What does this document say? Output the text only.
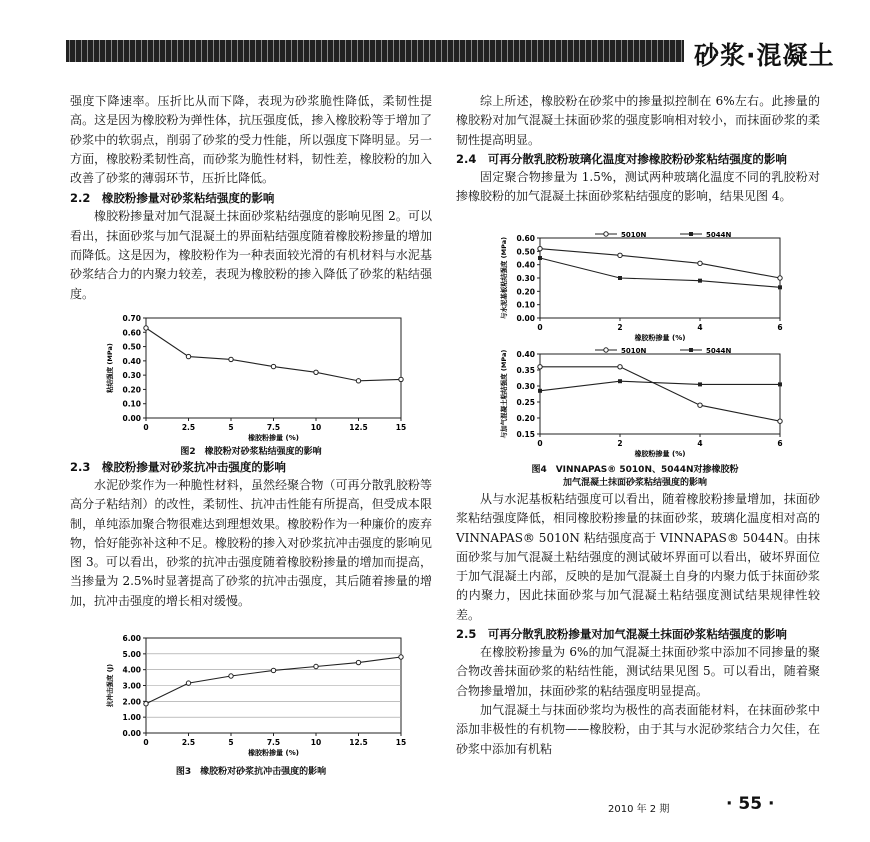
砂浆·混凝土

强度下降速率。压折比从而下降，表现为砂浆脆性降低，柔韧性提高。这是因为橡胶粉为弹性体，抗压强度低，掺入橡胶粉等于增加了砂浆中的软弱点，削弱了砂浆的受力性能，所以强度下降明显。另一方面，橡胶粉柔韧性高，而砂浆为脆性材料，韧性差，橡胶粉的加入改善了砂浆的薄弱环节，压折比降低。

2.2　橡胶粉掺量对砂浆粘结强度的影响

橡胶粉掺量对加气混凝土抹面砂浆粘结强度的影响见图 2。可以看出，抹面砂浆与加气混凝土的界面粘结强度随着橡胶粉掺量的增加而降低。这是因为，橡胶粉作为一种表面较光滑的有机材料与水泥基砂浆结合力的内聚力较差，表现为橡胶粉的掺入降低了砂浆的粘结强度。

0.00
0.10
0.20
0.30
0.40
0.50
0.60
0.70
0	2.5	5	7.5	10	12.5	15
橡胶粉掺量 (%)
粘结强度 (MPa)
图2　橡胶粉对砂浆粘结强度的影响
2.3　橡胶粉掺量对砂浆抗冲击强度的影响

水泥砂浆作为一种脆性材料，虽然经聚合物（可再分散乳胶粉等高分子粘结剂）的改性，柔韧性、抗冲击性能有所提高，但受成本限制，单纯添加聚合物很难达到理想效果。橡胶粉作为一种廉价的废弃物，恰好能弥补这种不足。橡胶粉的掺入对砂浆抗冲击强度的影响见图 3。可以看出，砂浆的抗冲击强度随着橡胶粉掺量的增加而提高，当掺量为 2.5%时显著提高了砂浆的抗冲击强度，其后随着掺量的增加，抗冲击强度的增长相对缓慢。

0.00
1.00
2.00
3.00
4.00
5.00
6.00
0	2.5	5	7.5	10	12.5	15
橡胶粉掺量 (%)
抗冲击强度 (J)
图3　橡胶粉对砂浆抗冲击强度的影响

综上所述，橡胶粉在砂浆中的掺量拟控制在 6%左右。此掺量的橡胶粉对加气混凝土抹面砂浆的强度影响相对较小，而抹面砂浆的柔韧性提高明显。

2.4　可再分散乳胶粉玻璃化温度对掺橡胶粉砂浆粘结强度的影响

固定聚合物掺量为 1.5%，测试两种玻璃化温度不同的乳胶粉对掺橡胶粉的加气混凝土抹面砂浆粘结强度的影响，结果见图 4。

0.00
0.10
0.20
0.30
0.40
0.50
0.60
0	2	4	6
橡胶粉掺量 (%)
与水泥基板粘结强度 (MPa)
5010N	5044N
0.15
0.20
0.25
0.30
0.35
0.40
0	2	4	6
橡胶粉掺量 (%)
与加气混凝土粘结强度 (MPa)	5010N	5044N
图4　VINNAPAS® 5010N、5044N对掺橡胶粉
加气混凝土抹面砂浆粘结强度的影响

从与水泥基板粘结强度可以看出，随着橡胶粉掺量增加，抹面砂浆粘结强度降低，相同橡胶粉掺量的抹面砂浆，玻璃化温度相对高的 VINNAPAS® 5010N 粘结强度高于 VINNAPAS® 5044N。由抹面砂浆与加气混凝土粘结强度的测试破坏界面可以看出，破坏界面位于加气混凝土内部，反映的是加气混凝土自身的内聚力低于抹面砂浆的内聚力，因此抹面砂浆与加气混凝土粘结强度测试结果规律性较差。

2.5　可再分散乳胶粉掺量对加气混凝土抹面砂浆粘结强度的影响

在橡胶粉掺量为 6%的加气混凝土抹面砂浆中添加不同掺量的聚合物改善抹面砂浆的粘结性能，测试结果见图 5。可以看出，随着聚合物掺量增加，抹面砂浆的粘结强度明显提高。

加气混凝土与抹面砂浆均为极性的高表面能材料，在抹面砂浆中添加非极性的有机物——橡胶粉，由于其与水泥砂浆结合力欠佳，在砂浆中添加有机粘

2010 年 2 期	· 55 ·
